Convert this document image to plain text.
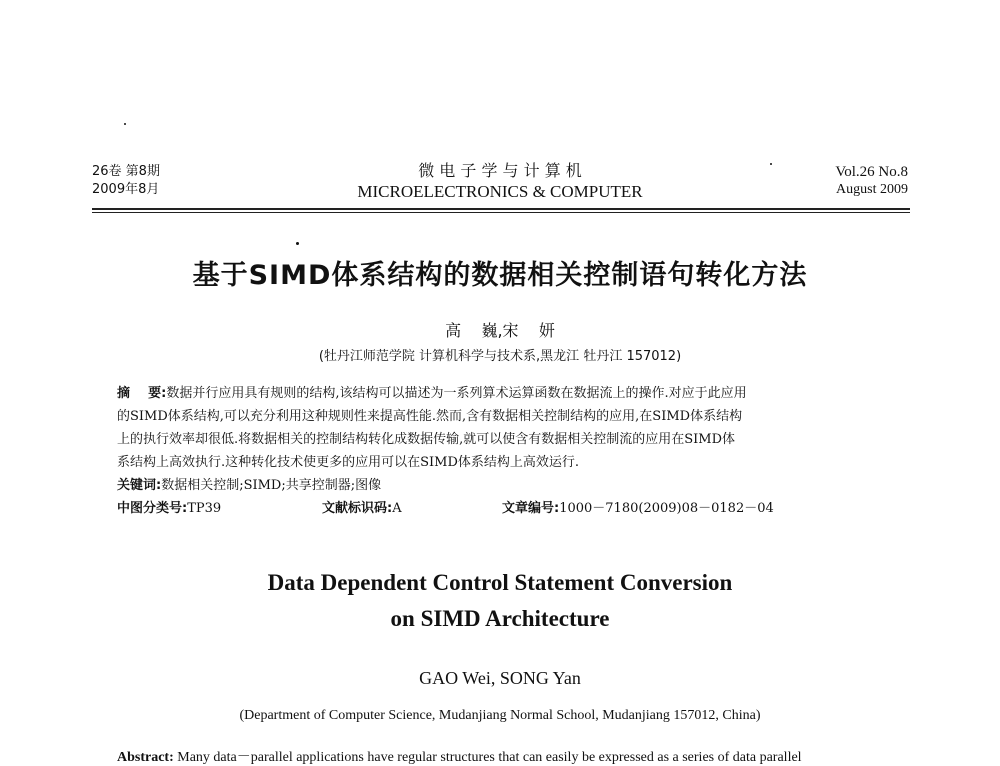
26卷 第8期
2009年8月
微 电 子 学 与 计 算 机
MICROELECTRONICS & COMPUTER
Vol.26 No.8
August 2009
基于SIMD体系结构的数据相关控制语句转化方法
高    巍,宋    妍
(牡丹江师范学院 计算机科学与技术系,黑龙江 牡丹江 157012)
摘    要:数据并行应用具有规则的结构,该结构可以描述为一系列算术运算函数在数据流上的操作.对应于此应用
的SIMD体系结构,可以充分利用这种规则性来提高性能.然而,含有数据相关控制结构的应用,在SIMD体系结构
上的执行效率却很低.将数据相关的控制结构转化成数据传输,就可以使含有数据相关控制流的应用在SIMD体
系结构上高效执行.这种转化技术使更多的应用可以在SIMD体系结构上高效运行.
关键词:数据相关控制;SIMD;共享控制器;图像
中图分类号:TP39	文献标识码:A	文章编号:1000－7180(2009)08－0182－04
Data Dependent Control Statement Conversion
on SIMD Architecture
GAO Wei, SONG Yan
(Department of Computer Science, Mudanjiang Normal School, Mudanjiang 157012, China)
Abstract: Many data－parallel applications have regular structures that can easily be expressed as a series of data parallel
